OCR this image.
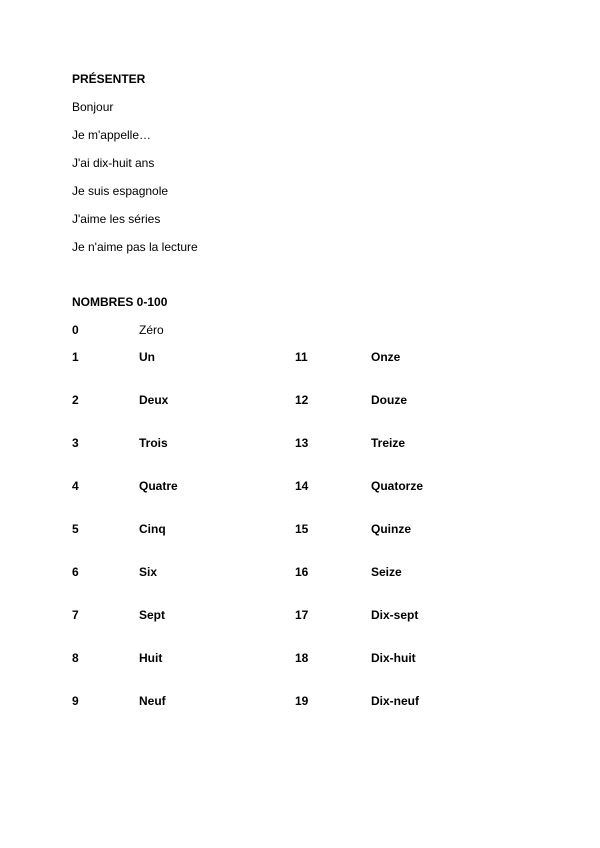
PRÉSENTER
Bonjour
Je m'appelle…
J'ai dix-huit ans
Je suis espagnole
J'aime les séries
Je n'aime pas la lecture
NOMBRES 0-100
0	Zéro
1	Un	11	Onze
2	Deux	12	Douze
3	Trois	13	Treize
4	Quatre	14	Quatorze
5	Cinq	15	Quinze
6	Six	16	Seize
7	Sept	17	Dix-sept
8	Huit	18	Dix-huit
9	Neuf	19	Dix-neuf
